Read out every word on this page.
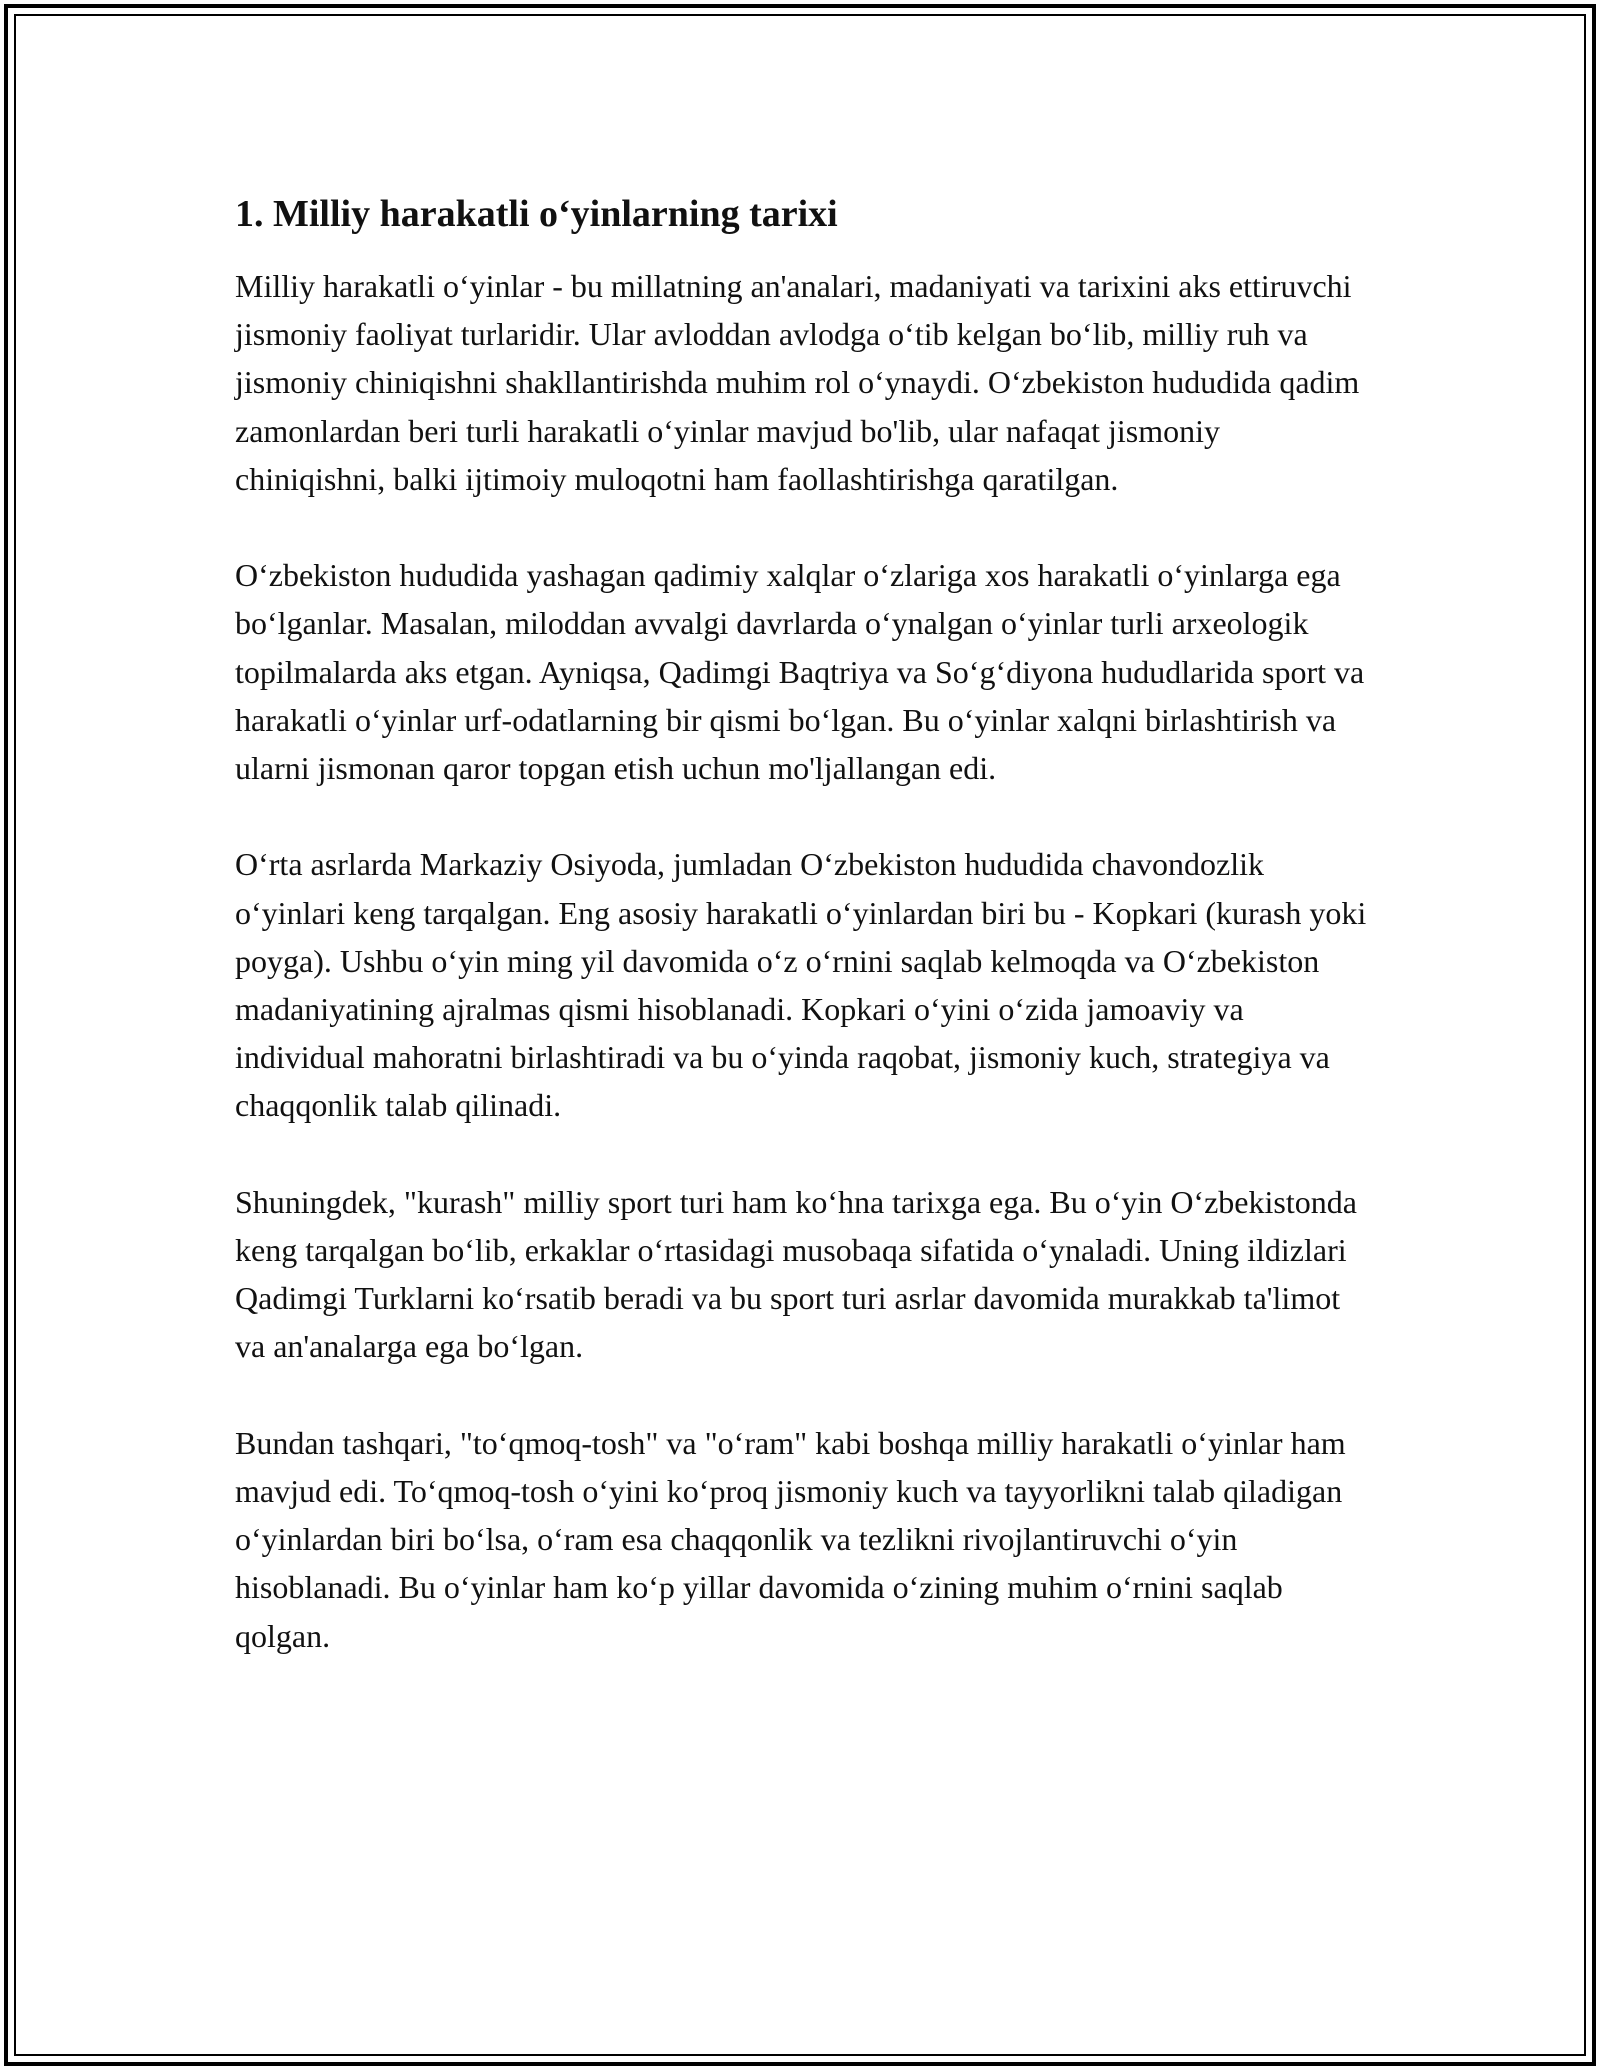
1. Milliy harakatli o‘yinlarning tarixi

Milliy harakatli o‘yinlar - bu millatning an'analari, madaniyati va tarixini aks ettiruvchi jismoniy faoliyat turlaridir. Ular avloddan avlodga o‘tib kelgan bo‘lib, milliy ruh va jismoniy chiniqishni shakllantirishda muhim rol o‘ynaydi. O‘zbekiston hududida qadim zamonlardan beri turli harakatli o‘yinlar mavjud bo'lib, ular nafaqat jismoniy chiniqishni, balki ijtimoiy muloqotni ham faollashtirishga qaratilgan.

O‘zbekiston hududida yashagan qadimiy xalqlar o‘zlariga xos harakatli o‘yinlarga ega bo‘lganlar. Masalan, miloddan avvalgi davrlarda o‘ynalgan o‘yinlar turli arxeologik topilmalarda aks etgan. Ayniqsa, Qadimgi Baqtriya va So‘g‘diyona hududlarida sport va harakatli o‘yinlar urf-odatlarning bir qismi bo‘lgan. Bu o‘yinlar xalqni birlashtirish va ularni jismonan qaror topgan etish uchun mo'ljallangan edi.

O‘rta asrlarda Markaziy Osiyoda, jumladan O‘zbekiston hududida chavondozlik o‘yinlari keng tarqalgan. Eng asosiy harakatli o‘yinlardan biri bu - Kopkari (kurash yoki poyga). Ushbu o‘yin ming yil davomida o‘z o‘rnini saqlab kelmoqda va O‘zbekiston madaniyatining ajralmas qismi hisoblanadi. Kopkari o‘yini o‘zida jamoaviy va individual mahoratni birlashtiradi va bu o‘yinda raqobat, jismoniy kuch, strategiya va chaqqonlik talab qilinadi.

Shuningdek, "kurash" milliy sport turi ham ko‘hna tarixga ega. Bu o‘yin O‘zbekistonda keng tarqalgan bo‘lib, erkaklar o‘rtasidagi musobaqa sifatida o‘ynaladi. Uning ildizlari Qadimgi Turklarni ko‘rsatib beradi va bu sport turi asrlar davomida murakkab ta'limot va an'analarga ega bo‘lgan.

Bundan tashqari, "to‘qmoq-tosh" va "o‘ram" kabi boshqa milliy harakatli o‘yinlar ham mavjud edi. To‘qmoq-tosh o‘yini ko‘proq jismoniy kuch va tayyorlikni talab qiladigan o‘yinlardan biri bo‘lsa, o‘ram esa chaqqonlik va tezlikni rivojlantiruvchi o‘yin hisoblanadi. Bu o‘yinlar ham ko‘p yillar davomida o‘zining muhim o‘rnini saqlab qolgan.
